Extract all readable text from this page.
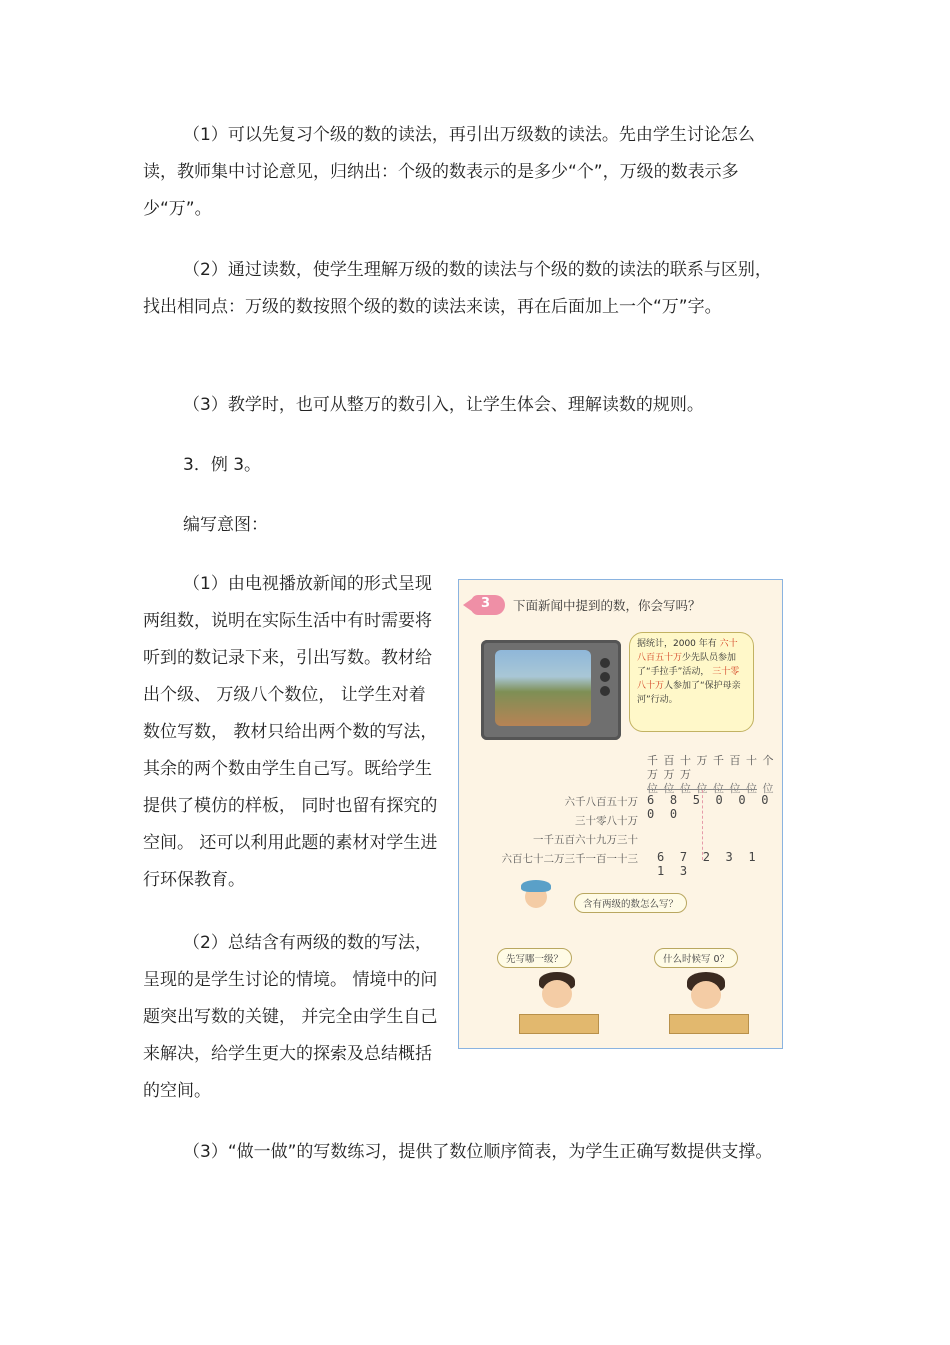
（1）可以先复习个级的数的读法，再引出万级数的读法。先由学生讨论怎么读，教师集中讨论意见，归纳出：个级的数表示的是多少“个”，万级的数表示多少“万”。

（2）通过读数，使学生理解万级的数的读法与个级的数的读法的联系与区别，找出相同点：万级的数按照个级的数的读法来读，再在后面加上一个“万”字。

（3）教学时，也可从整万的数引入，让学生体会、理解读数的规则。

3．例 3。

编写意图：

（1）由电视播放新闻的形式呈现两组数，说明在实际生活中有时需要将听到的数记录下来，引出写数。教材给出个级、 万级八个数位， 让学生对着数位写数， 教材只给出两个数的写法， 其余的两个数由学生自己写。既给学生提供了模仿的样板， 同时也留有探究的空间。 还可以利用此题的素材对学生进行环保教育。

（2）总结含有两级的数的写法，呈现的是学生讨论的情境。 情境中的问题突出写数的关键， 并完全由学生自己来解决，给学生更大的探索及总结概括的空间。

（3）“做一做”的写数练习，提供了数位顺序简表，为学生正确写数提供支撑。

3 下面新闻中提到的数，你会写吗？
据统计，2000 年有 六十八百五十万少先队员参加了“手拉手”活动， 三十零八十万人参加了“保护母亲河”行动。
千 百 十 万 千 百 十 个
万 万 万
位 位 位 位 位 位 位 位
六千八百五十万 6 8 5 0 0 0 0 0
三十零八十万
一千五百六十九万三十
六百七十二万三千一百一十三 6 7 2 3 1 1 3
含有两级的数怎么写？
先写哪一级？	什么时候写 0？
